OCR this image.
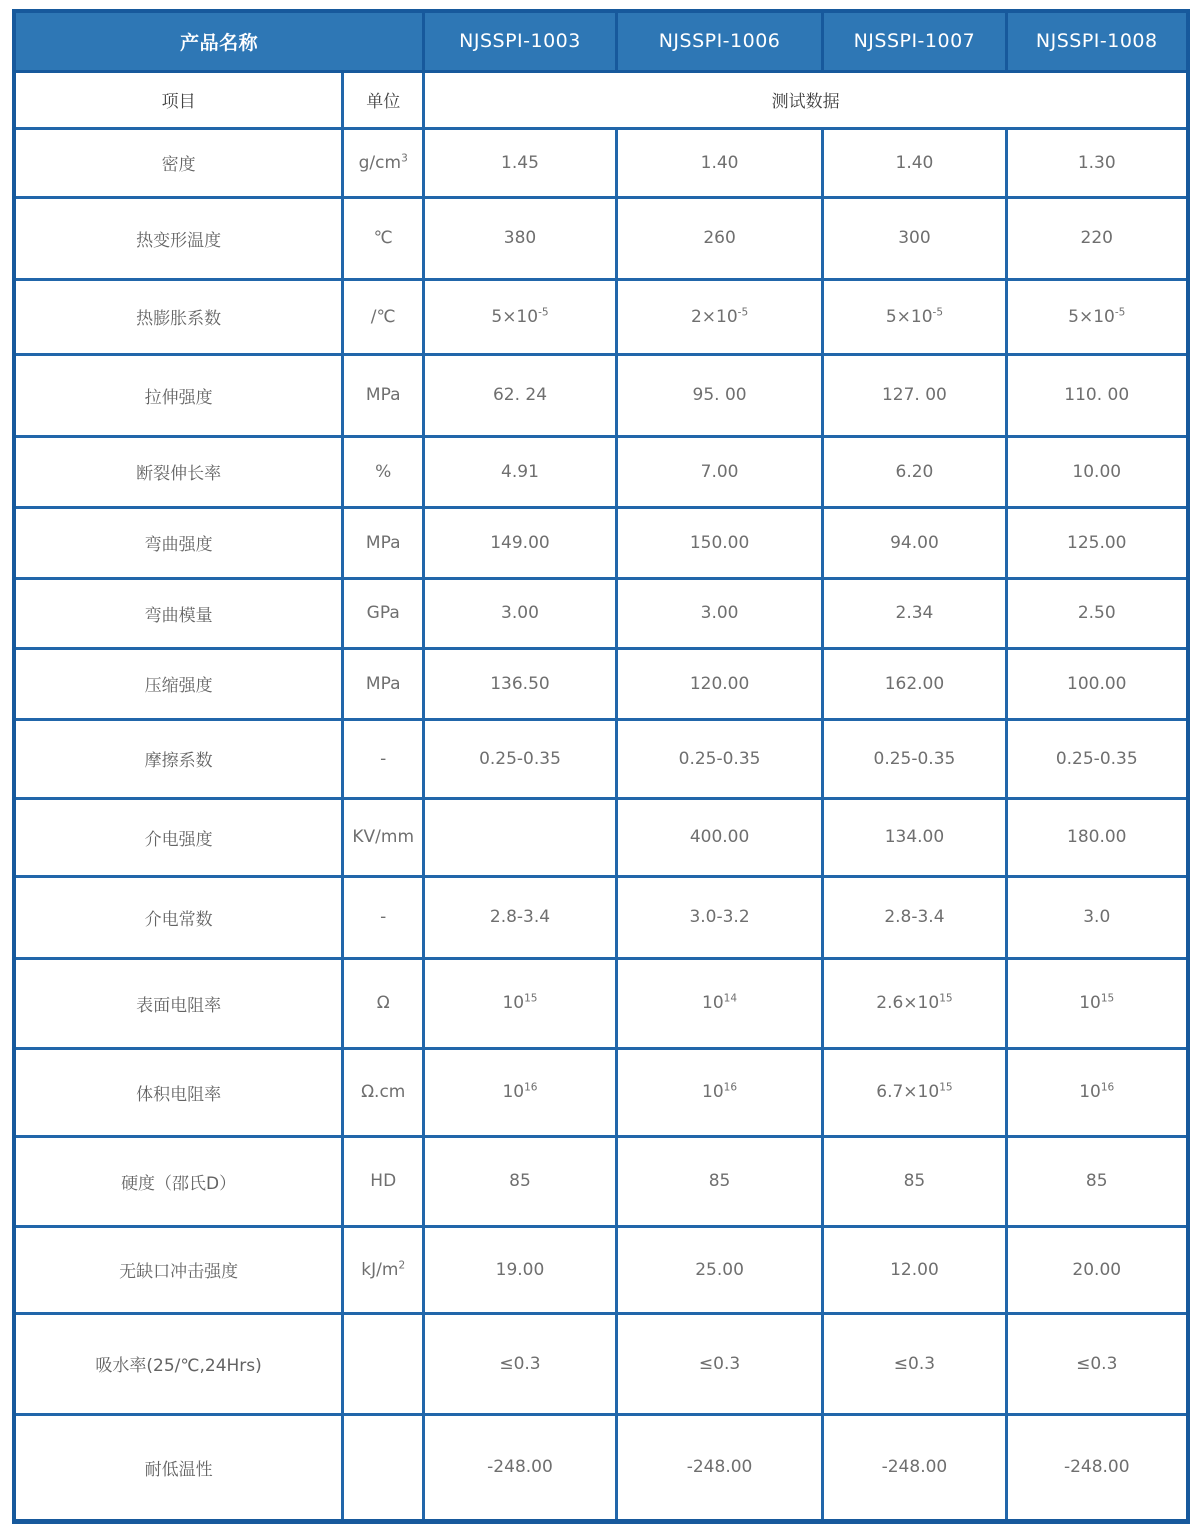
产品名称		NJSSPI-1003	NJSSPI-1006	NJSSPI-1007	NJSSPI-1008
项目	单位	测试数据			
密度	$g/cm^3$	1.45	1.40	1.40	1.30
热变形温度	℃	380	260	300	220
热膨胀系数	/℃	$5\times 10^{-5}$	$2\times 10^{-5}$	$5\times 10^{-5}$	$5\times 10^{-5}$
拉伸强度	MPa	62. 24	95. 00	127. 00	110. 00
断裂伸长率	%	4.91	7.00	6.20	10.00
弯曲强度	MPa	149.00	150.00	94.00	125.00
弯曲模量	GPa	3.00	3.00	2.34	2.50
压缩强度	MPa	136.50	120.00	162.00	100.00
摩擦系数	-	0.25-0.35	0.25-0.35	0.25-0.35	0.25-0.35
介电强度	KV/mm		400.00	134.00	180.00
介电常数	-	2.8-3.4	3.0-3.2	2.8-3.4	3.0
表面电阻率	Ω	$10^{15}$	$10^{14}$	$2.6\times 10^{15}$	$10^{15}$
体积电阻率	Ω.cm	$10^{16}$	$10^{16}$	$6.7\times 10^{15}$	$10^{16}$
硬度（邵氏D）	HD	85	85	85	85
无缺口冲击强度	$kJ/m^2$	19.00	25.00	12.00	20.00
吸水率(25/℃,24Hrs)		≤0.3	≤0.3	≤0.3	≤0.3
耐低温性		-248.00	-248.00	-248.00	-248.00
